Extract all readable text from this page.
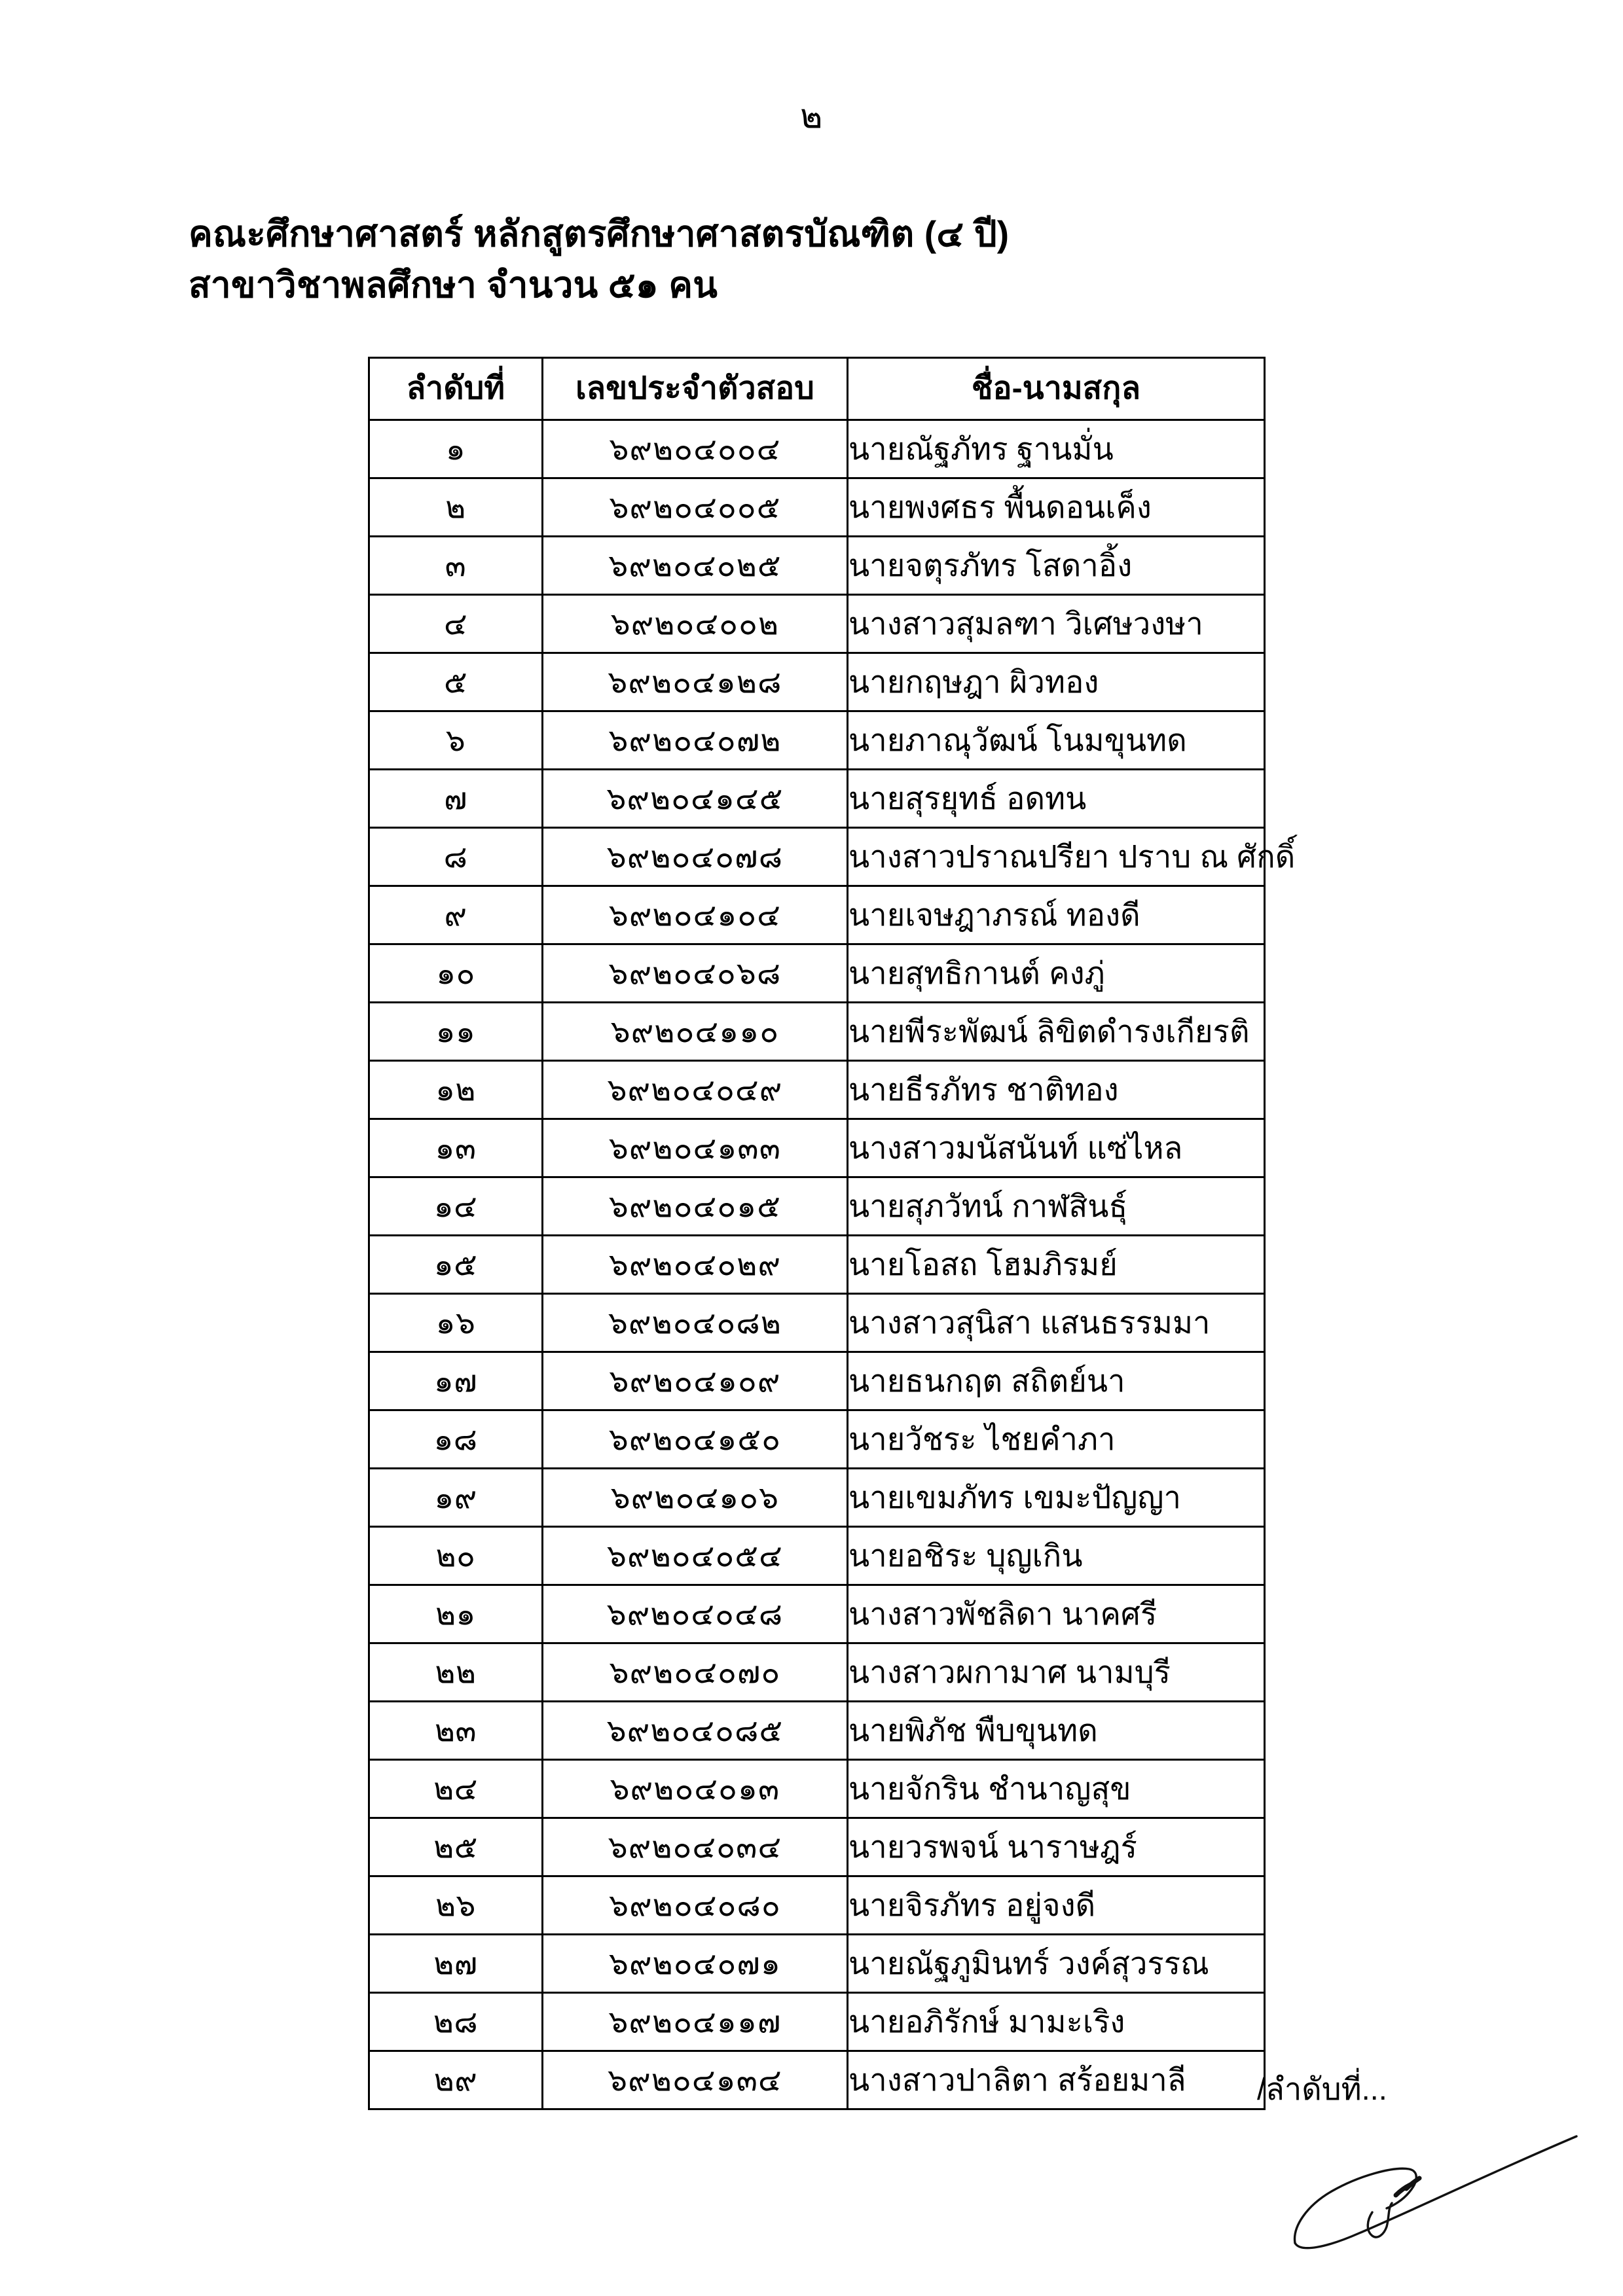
๒
คณะศึกษาศาสตร์ หลักสูตรศึกษาศาสตรบัณฑิต (๔ ปี)
สาขาวิชาพลศึกษา จำนวน ๕๑ คน
ลำดับที่	เลขประจำตัวสอบ	ชื่อ-นามสกุล
๑	๖๙๒๐๔๐๐๔	นายณัฐภัทร ฐานมั่น
๒	๖๙๒๐๔๐๐๕	นายพงศธร พื้นดอนเค็ง
๓	๖๙๒๐๔๐๒๕	นายจตุรภัทร โสดาอิ้ง
๔	๖๙๒๐๔๐๐๒	นางสาวสุมลฑา วิเศษวงษา
๕	๖๙๒๐๔๑๒๘	นายกฤษฎา ผิวทอง
๖	๖๙๒๐๔๐๗๒	นายภาณุวัฒน์ โนมขุนทด
๗	๖๙๒๐๔๑๔๕	นายสุรยุทธ์ อดทน
๘	๖๙๒๐๔๐๗๘	นางสาวปราณปรียา ปราบ ณ ศักดิ์
๙	๖๙๒๐๔๑๐๔	นายเจษฎาภรณ์ ทองดี
๑๐	๖๙๒๐๔๐๖๘	นายสุทธิกานต์ คงภู่
๑๑	๖๙๒๐๔๑๑๐	นายพีระพัฒน์ ลิขิตดำรงเกียรติ
๑๒	๖๙๒๐๔๐๔๙	นายธีรภัทร ชาติทอง
๑๓	๖๙๒๐๔๑๓๓	นางสาวมนัสนันท์ แซ่ไหล
๑๔	๖๙๒๐๔๐๑๕	นายสุภวัทน์ กาฬสินธุ์
๑๕	๖๙๒๐๔๐๒๙	นายโอสถ โฮมภิรมย์
๑๖	๖๙๒๐๔๐๘๒	นางสาวสุนิสา แสนธรรมมา
๑๗	๖๙๒๐๔๑๐๙	นายธนกฤต สถิตย์นา
๑๘	๖๙๒๐๔๑๕๐	นายวัชระ ไชยคำภา
๑๙	๖๙๒๐๔๑๐๖	นายเขมภัทร เขมะปัญญา
๒๐	๖๙๒๐๔๐๕๔	นายอชิระ บุญเกิน
๒๑	๖๙๒๐๔๐๔๘	นางสาวพัชลิดา นาคศรี
๒๒	๖๙๒๐๔๐๗๐	นางสาวผกามาศ นามบุรี
๒๓	๖๙๒๐๔๐๘๕	นายพิภัช พืบขุนทด
๒๔	๖๙๒๐๔๐๑๓	นายจักริน ชำนาญสุข
๒๕	๖๙๒๐๔๐๓๔	นายวรพจน์ นาราษฎร์
๒๖	๖๙๒๐๔๐๘๐	นายจิรภัทร อยู่จงดี
๒๗	๖๙๒๐๔๐๗๑	นายณัฐภูมินทร์ วงค์สุวรรณ
๒๘	๖๙๒๐๔๑๑๗	นายอภิรักษ์ มามะเริง
๒๙	๖๙๒๐๔๑๓๔	นางสาวปาลิตา สร้อยมาลี /ลำดับที่...
